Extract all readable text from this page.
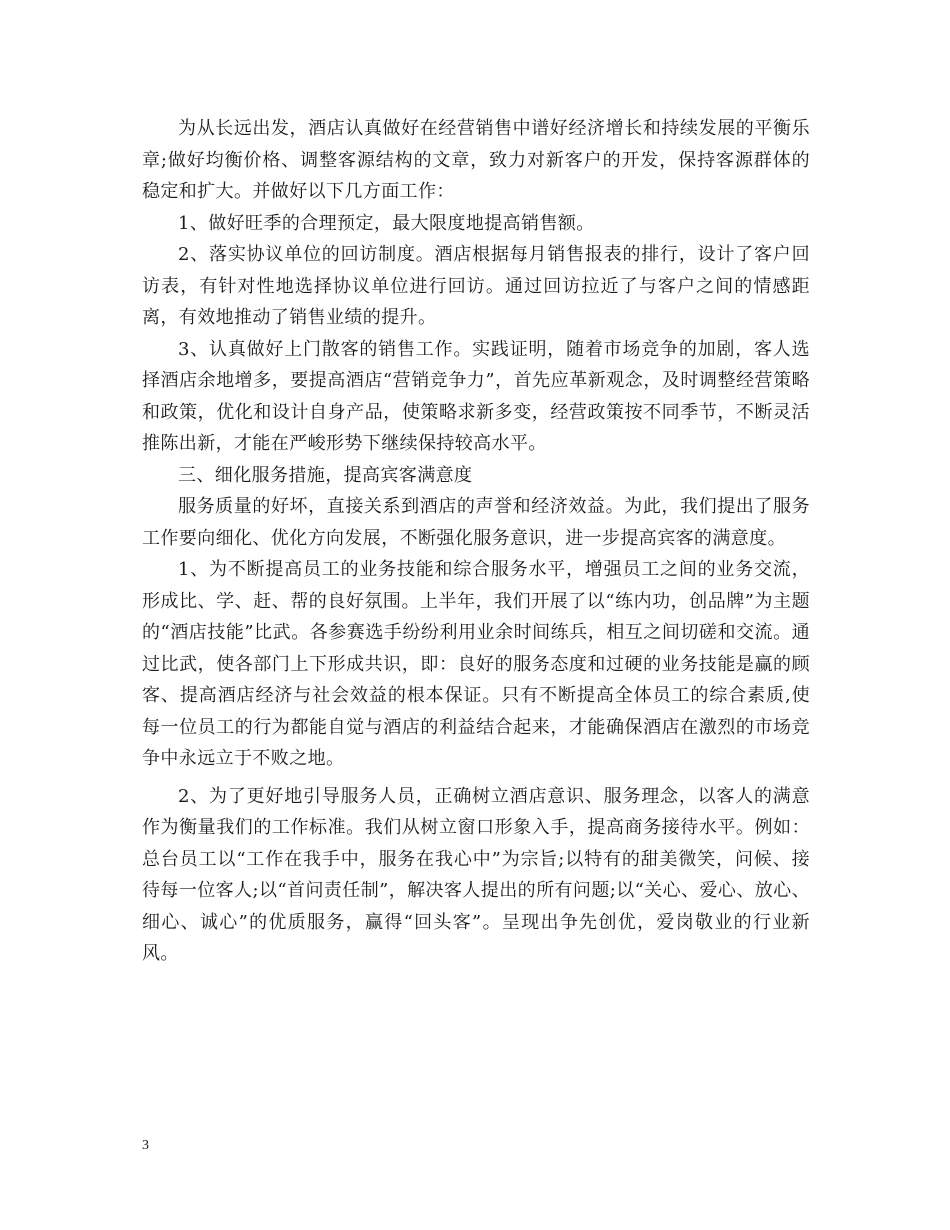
为从长远出发，酒店认真做好在经营销售中谱好经济增长和持续发展的平衡乐章;做好均衡价格、调整客源结构的文章，致力对新客户的开发，保持客源群体的稳定和扩大。并做好以下几方面工作：

1、做好旺季的合理预定，最大限度地提高销售额。

2、落实协议单位的回访制度。酒店根据每月销售报表的排行，设计了客户回访表，有针对性地选择协议单位进行回访。通过回访拉近了与客户之间的情感距离，有效地推动了销售业绩的提升。

3、认真做好上门散客的销售工作。实践证明，随着市场竞争的加剧，客人选择酒店余地增多，要提高酒店“营销竞争力”，首先应革新观念，及时调整经营策略和政策，优化和设计自身产品，使策略求新多变，经营政策按不同季节，不断灵活推陈出新，才能在严峻形势下继续保持较高水平。

三、细化服务措施，提高宾客满意度

服务质量的好坏，直接关系到酒店的声誉和经济效益。为此，我们提出了服务工作要向细化、优化方向发展，不断强化服务意识，进一步提高宾客的满意度。

1、为不断提高员工的业务技能和综合服务水平，增强员工之间的业务交流，形成比、学、赶、帮的良好氛围。上半年，我们开展了以“练内功，创品牌”为主题的“酒店技能”比武。各参赛选手纷纷利用业余时间练兵，相互之间切磋和交流。通过比武，使各部门上下形成共识，即：良好的服务态度和过硬的业务技能是赢的顾客、提高酒店经济与社会效益的根本保证。只有不断提高全体员工的综合素质,使每一位员工的行为都能自觉与酒店的利益结合起来，才能确保酒店在激烈的市场竞争中永远立于不败之地。

2、为了更好地引导服务人员，正确树立酒店意识、服务理念，以客人的满意作为衡量我们的工作标准。我们从树立窗口形象入手，提高商务接待水平。例如：总台员工以“工作在我手中，服务在我心中”为宗旨;以特有的甜美微笑，问候、接待每一位客人;以“首问责任制”，解决客人提出的所有问题;以“关心、爱心、放心、细心、诚心”的优质服务，赢得“回头客”。呈现出争先创优，爱岗敬业的行业新风。

3
